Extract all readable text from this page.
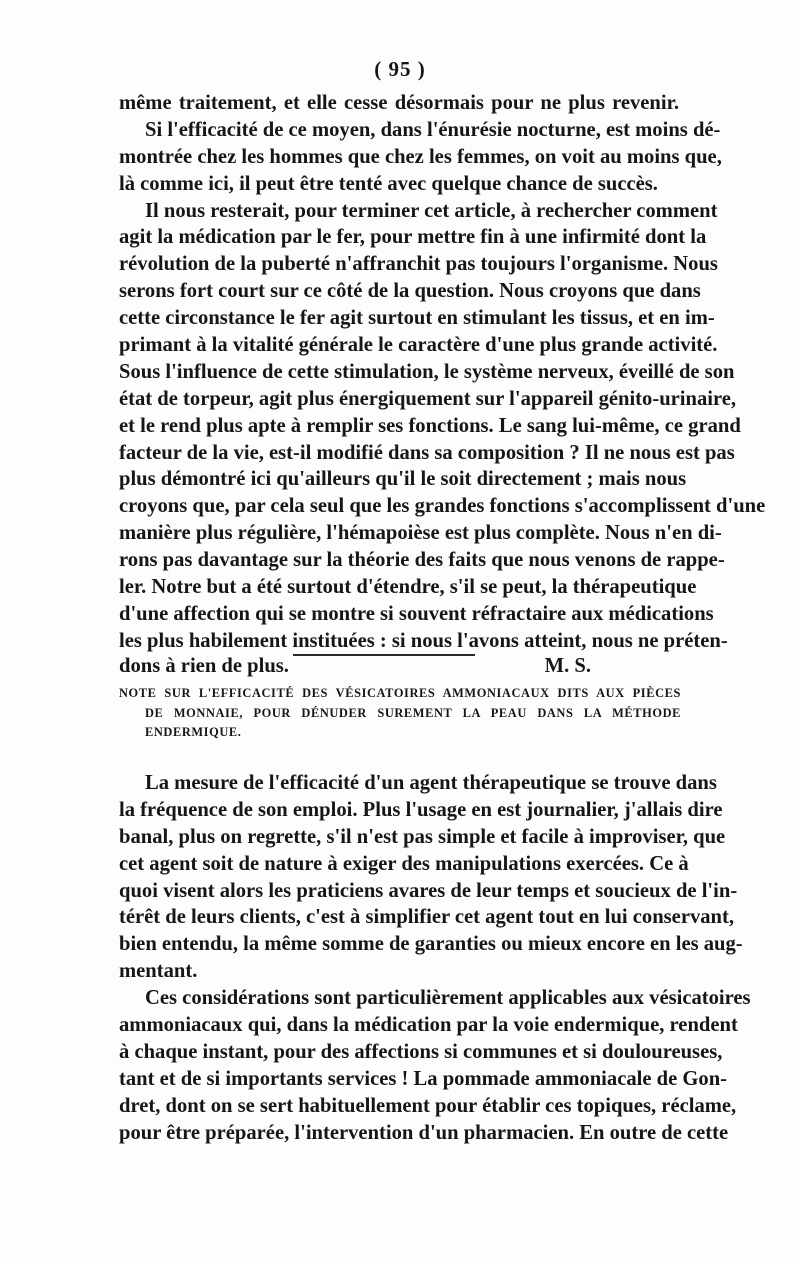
( 95 )

même traitement, et elle cesse désormais pour ne plus revenir.
Si l'efficacité de ce moyen, dans l'énurésie nocturne, est moins dé-
montrée chez les hommes que chez les femmes, on voit au moins que,
là comme ici, il peut être tenté avec quelque chance de succès.

Il nous resterait, pour terminer cet article, à rechercher comment
agit la médication par le fer, pour mettre fin à une infirmité dont la
révolution de la puberté n'affranchit pas toujours l'organisme. Nous
serons fort court sur ce côté de la question. Nous croyons que dans
cette circonstance le fer agit surtout en stimulant les tissus, et en im-
primant à la vitalité générale le caractère d'une plus grande activité.
Sous l'influence de cette stimulation, le système nerveux, éveillé de son
état de torpeur, agit plus énergiquement sur l'appareil génito-urinaire,
et le rend plus apte à remplir ses fonctions. Le sang lui-même, ce grand
facteur de la vie, est-il modifié dans sa composition ? Il ne nous est pas
plus démontré ici qu'ailleurs qu'il le soit directement ; mais nous
croyons que, par cela seul que les grandes fonctions s'accomplissent d'une
manière plus régulière, l'hémapoièse est plus complète. Nous n'en di-
rons pas davantage sur la théorie des faits que nous venons de rappe-
ler. Notre but a été surtout d'étendre, s'il se peut, la thérapeutique
d'une affection qui se montre si souvent réfractaire aux médications
les plus habilement instituées : si nous l'avons atteint, nous ne préten-

dons à rien de plus.	M. S.
NOTE SUR L'EFFICACITÉ DES VÉSICATOIRES AMMONIACAUX DITS AUX PIÈCES
DE MONNAIE, POUR DÉNUDER SUREMENT LA PEAU DANS LA MÉTHODE
ENDERMIQUE.

La mesure de l'efficacité d'un agent thérapeutique se trouve dans
la fréquence de son emploi. Plus l'usage en est journalier, j'allais dire
banal, plus on regrette, s'il n'est pas simple et facile à improviser, que
cet agent soit de nature à exiger des manipulations exercées. Ce à
quoi visent alors les praticiens avares de leur temps et soucieux de l'in-
térêt de leurs clients, c'est à simplifier cet agent tout en lui conservant,
bien entendu, la même somme de garanties ou mieux encore en les aug-
mentant.

Ces considérations sont particulièrement applicables aux vésicatoires
ammoniacaux qui, dans la médication par la voie endermique, rendent
à chaque instant, pour des affections si communes et si douloureuses,
tant et de si importants services ! La pommade ammoniacale de Gon-
dret, dont on se sert habituellement pour établir ces topiques, réclame,
pour être préparée, l'intervention d'un pharmacien. En outre de cette
